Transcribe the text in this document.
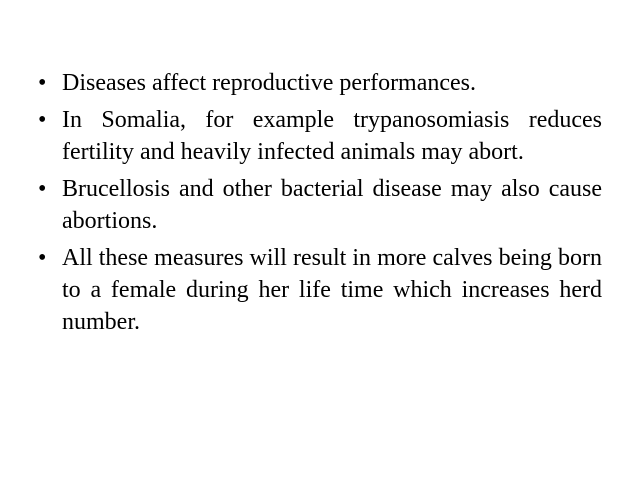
• Diseases affect reproductive performances.
• In Somalia, for example trypanosomiasis reduces fertility and heavily infected animals may abort.
• Brucellosis and other bacterial disease may also cause abortions.
• All these measures will result in more calves being born to a female during her life time which increases herd number.
